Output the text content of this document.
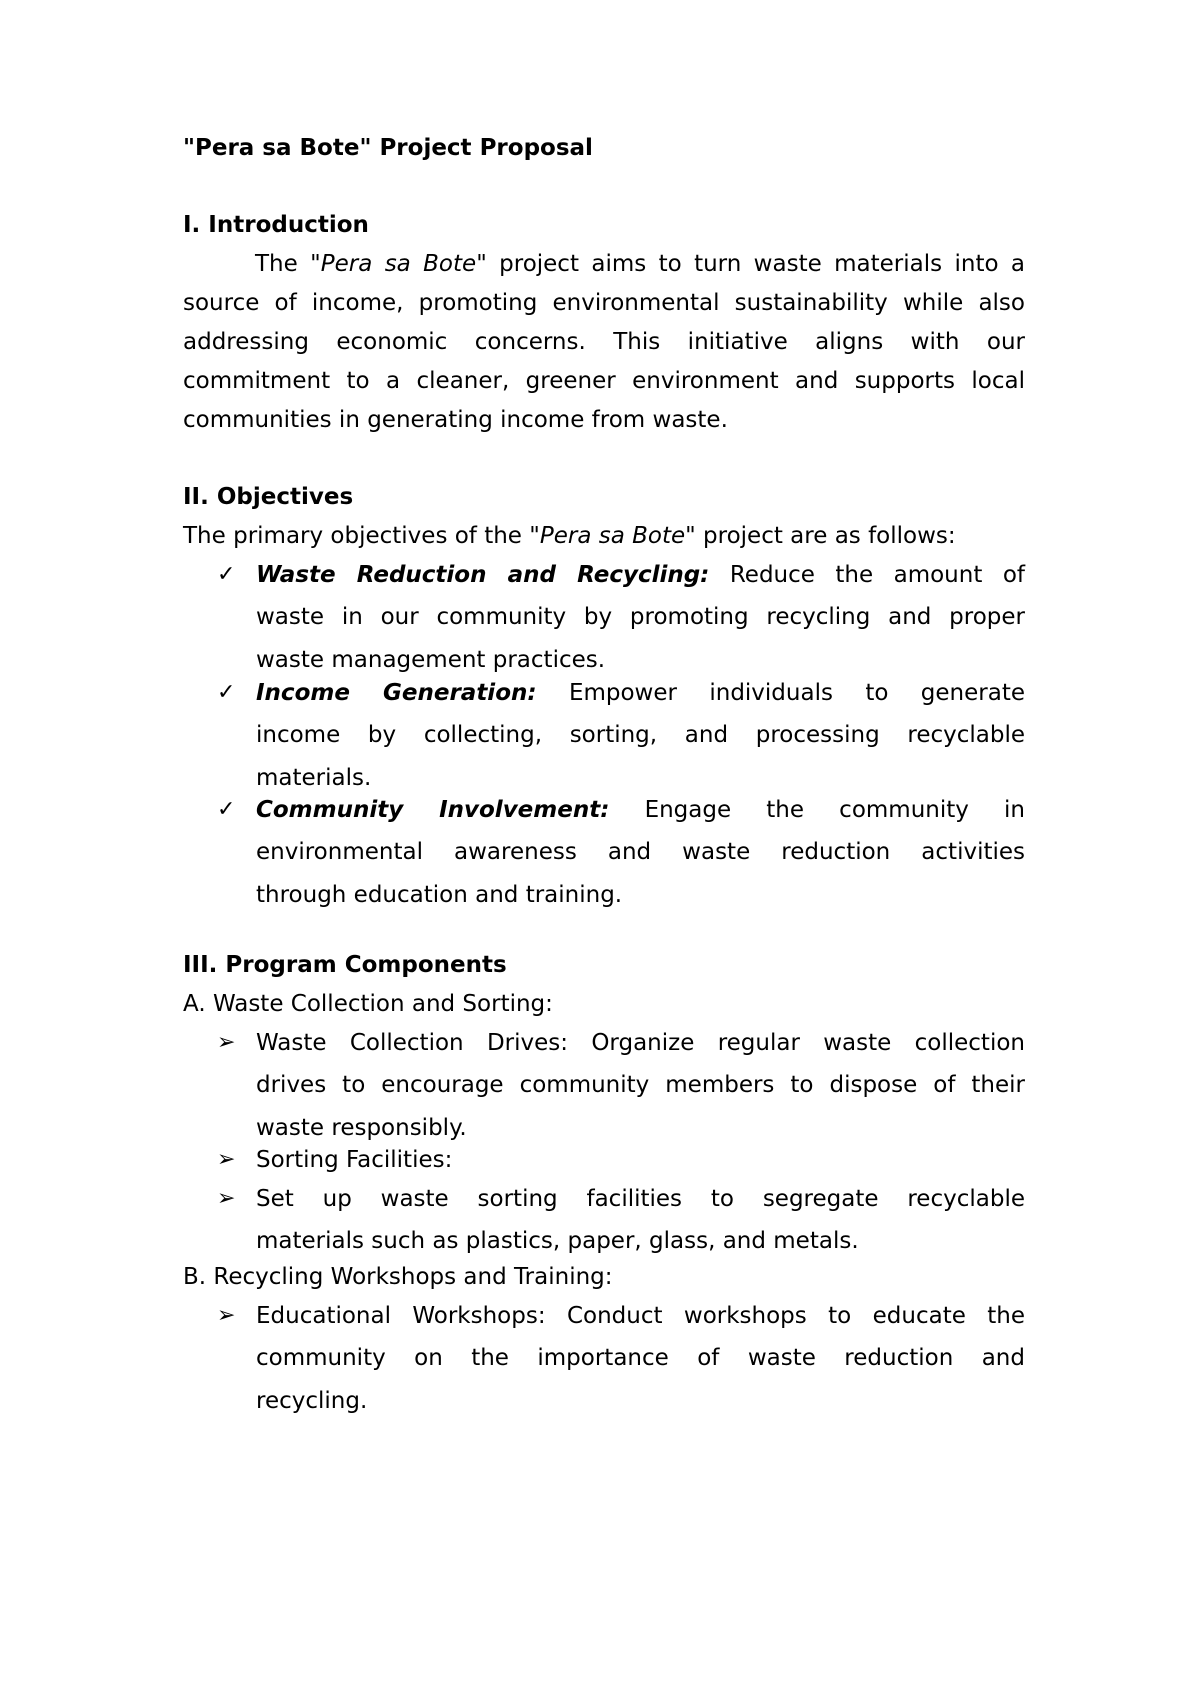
"Pera sa Bote" Project Proposal
I. Introduction
The "Pera sa Bote" project aims to turn waste materials into a
source of income, promoting environmental sustainability while also
addressing economic concerns. This initiative aligns with our
commitment to a cleaner, greener environment and supports local
communities in generating income from waste.
II. Objectives
The primary objectives of the "Pera sa Bote" project are as follows:
✓ Waste Reduction and Recycling: Reduce the amount of
waste in our community by promoting recycling and proper
waste management practices.
✓ Income Generation: Empower individuals to generate
income by collecting, sorting, and processing recyclable
materials.
✓ Community Involvement: Engage the community in
environmental awareness and waste reduction activities
through education and training.
III. Program Components
A. Waste Collection and Sorting:
➢ Waste Collection Drives: Organize regular waste collection
drives to encourage community members to dispose of their
waste responsibly.
➢ Sorting Facilities:
➢ Set up waste sorting facilities to segregate recyclable
materials such as plastics, paper, glass, and metals.
B. Recycling Workshops and Training:
➢ Educational Workshops: Conduct workshops to educate the
community on the importance of waste reduction and
recycling.
